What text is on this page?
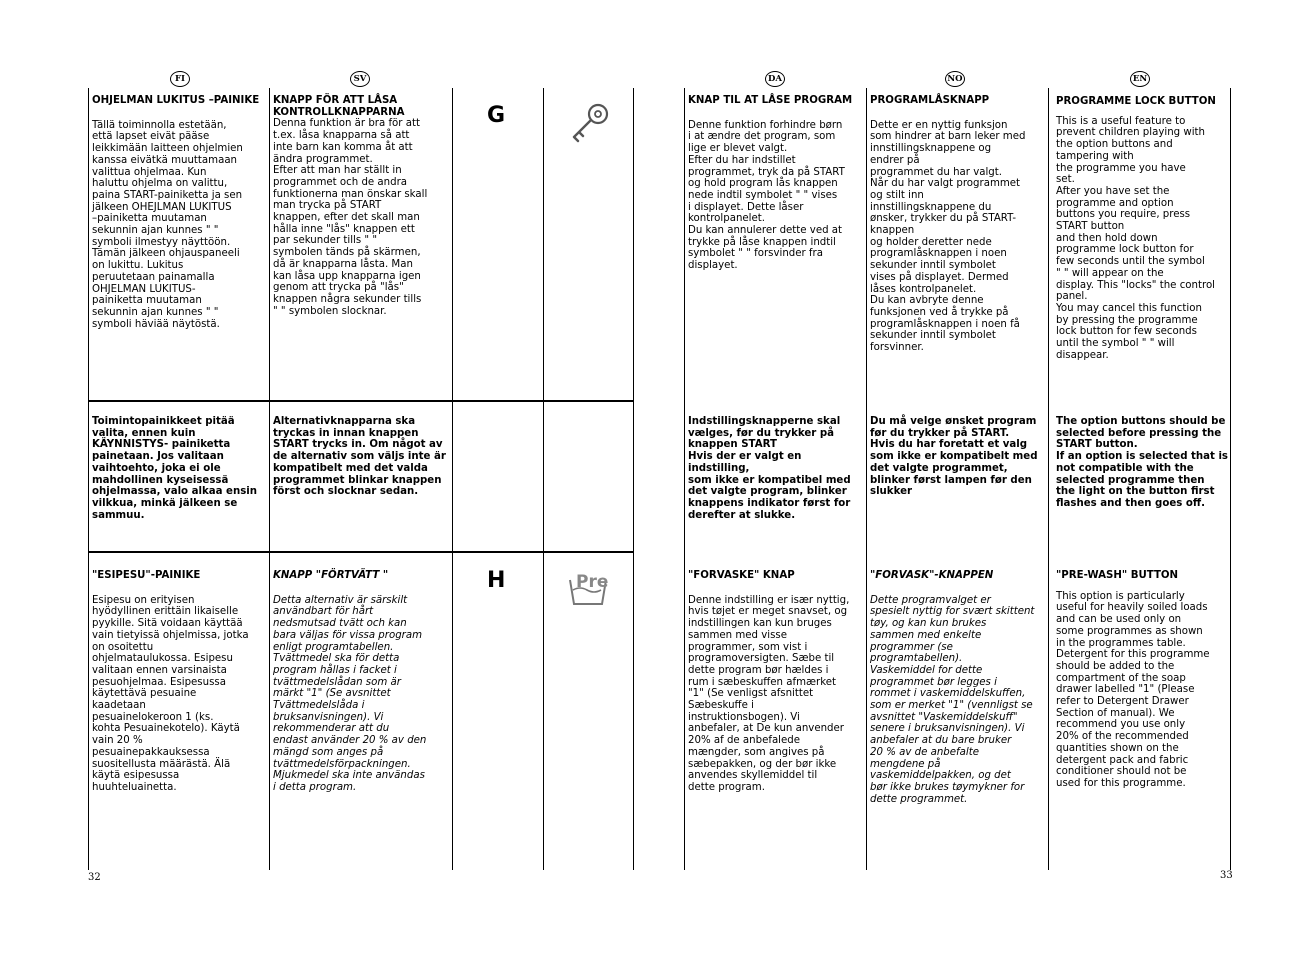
FI	SV

OHJELMAN LUKITUS –PAINIKE

Tällä toiminnolla estetään,
että lapset eivät pääse
leikkimään laitteen ohjelmien
kanssa eivätkä muuttamaan
valittua ohjelmaa. Kun
haluttu ohjelma on valittu,
paina START-painiketta ja sen
jälkeen OHEJLMAN LUKITUS
–painiketta muutaman
sekunnin ajan kunnes " "
symboli ilmestyy näyttöön.
Tämän jälkeen ohjauspaneeli
on lukittu. Lukitus
peruutetaan painamalla
OHJELMAN LUKITUS-
painiketta muutaman
sekunnin ajan kunnes " "
symboli häviää näytöstä.

Toimintopainikkeet pitää
valita, ennen kuin
KÄYNNISTYS- painiketta
painetaan. Jos valitaan
vaihtoehto, joka ei ole
mahdollinen kyseisessä
ohjelmassa, valo alkaa ensin
vilkkua, minkä jälkeen se
sammuu.

"ESIPESU"-PAINIKE

Esipesu on erityisen
hyödyllinen erittäin likaiselle
pyykille. Sitä voidaan käyttää
vain tietyissä ohjelmissa, jotka
on osoitettu
ohjelmataulukossa. Esipesu
valitaan ennen varsinaista
pesuohjelmaa. Esipesussa
käytettävä pesuaine
kaadetaan
pesuainelokeroon 1 (ks.
kohta Pesuainekotelo). Käytä
vain 20 %
pesuainepakkauksessa
suositellusta määrästä. Älä
käytä esipesussa
huuhteluainetta.

KNAPP FÖR ATT LÅSA
KONTROLLKNAPPARNA

Denna funktion är bra för att
t.ex. låsa knapparna så att
inte barn kan komma åt att
ändra programmet.
Efter att man har ställt in
programmet och de andra
funktionerna man önskar skall
man trycka på START
knappen, efter det skall man
hålla inne "lås" knappen ett
par sekunder tills " "
symbolen tänds på skärmen,
då är knapparna låsta. Man
kan låsa upp knapparna igen
genom att trycka på "lås"
knappen några sekunder tills
" " symbolen slocknar.

Alternativknapparna ska
tryckas in innan knappen
START trycks in. Om något av
de alternativ som väljs inte är
kompatibelt med det valda
programmet blinkar knappen
först och slocknar sedan.

KNAPP "FÖRTVÄTT "

Detta alternativ är särskilt
användbart för hårt
nedsmutsad tvätt och kan
bara väljas för vissa program
enligt programtabellen.
Tvättmedel ska för detta
program hållas i facket i
tvättmedelslådan som är
märkt "1" (Se avsnittet
Tvättmedelslåda i
bruksanvisningen). Vi
rekommenderar att du
endast använder 20 % av den
mängd som anges på
tvättmedelsförpackningen.
Mjukmedel ska inte användas
i detta program.

G
H	Pre
32
DA	NO	EN

KNAP TIL AT LÅSE PROGRAM

Denne funktion forhindre børn
i at ændre det program, som
lige er blevet valgt.
Efter du har indstillet
programmet, tryk da på START
og hold program lås knappen
nede indtil symbolet " " vises
i displayet. Dette låser
kontrolpanelet.
Du kan annulerer dette ved at
trykke på låse knappen indtil
symbolet " " forsvinder fra
displayet.

Indstillingsknapperne skal
vælges, før du trykker på
knappen START
Hvis der er valgt en indstilling,
som ikke er kompatibel med
det valgte program, blinker
knappens indikator først for
derefter at slukke.

"FORVASKE" KNAP

Denne indstilling er især nyttig,
hvis tøjet er meget snavset, og
indstillingen kan kun bruges
sammen med visse
programmer, som vist i
programoversigten. Sæbe til
dette program bør hældes i
rum i sæbeskuffen afmærket
"1" (Se venligst afsnittet
Sæbeskuffe i
instruktionsbogen). Vi
anbefaler, at De kun anvender
20% af de anbefalede
mængder, som angives på
sæbepakken, og der bør ikke
anvendes skyllemiddel til
dette program.

PROGRAMLÅSKNAPP

Dette er en nyttig funksjon
som hindrer at barn leker med
innstillingsknappene og
endrer på
programmet du har valgt.
Når du har valgt programmet
og stilt inn
innstillingsknappene du
ønsker, trykker du på START-
knappen
og holder deretter nede
programlåsknappen i noen
sekunder inntil symbolet
vises på displayet. Dermed
låses kontrolpanelet.
Du kan avbryte denne
funksjonen ved å trykke på
programlåsknappen i noen få
sekunder inntil symbolet
forsvinner.

Du må velge ønsket program
før du trykker på START.
Hvis du har foretatt et valg
som ikke er kompatibelt med
det valgte programmet,
blinker først lampen før den
slukker

"FORVASK"-KNAPPEN

Dette programvalget er
spesielt nyttig for svært skittent
tøy, og kan kun brukes
sammen med enkelte
programmer (se
programtabellen).
Vaskemiddel for dette
programmet bør legges i
rommet i vaskemiddelskuffen,
som er merket "1" (vennligst se
avsnittet "Vaskemiddelskuff"
senere i bruksanvisningen). Vi
anbefaler at du bare bruker
20 % av de anbefalte
mengdene på
vaskemiddelpakken, og det
bør ikke brukes tøymykner for
dette programmet.

PROGRAMME LOCK BUTTON

This is a useful feature to
prevent children playing with
the option buttons and
tampering with
the programme you have
set.
After you have set the
programme and option
buttons you require, press
START button
and then hold down
programme lock button for
few seconds until the symbol
" " will appear on the
display. This "locks" the control
panel.
You may cancel this function
by pressing the programme
lock button for few seconds
until the symbol " " will
disappear.

The option buttons should be
selected before pressing the
START button.
If an option is selected that is
not compatible with the
selected programme then
the light on the button first
flashes and then goes off.

"PRE-WASH" BUTTON

This option is particularly
useful for heavily soiled loads
and can be used only on
some programmes as shown
in the programmes table.
Detergent for this programme
should be added to the
compartment of the soap
drawer labelled "1" (Please
refer to Detergent Drawer
Section of manual). We
recommend you use only
20% of the recommended
quantities shown on the
detergent pack and fabric
conditioner should not be
used for this programme.

33
